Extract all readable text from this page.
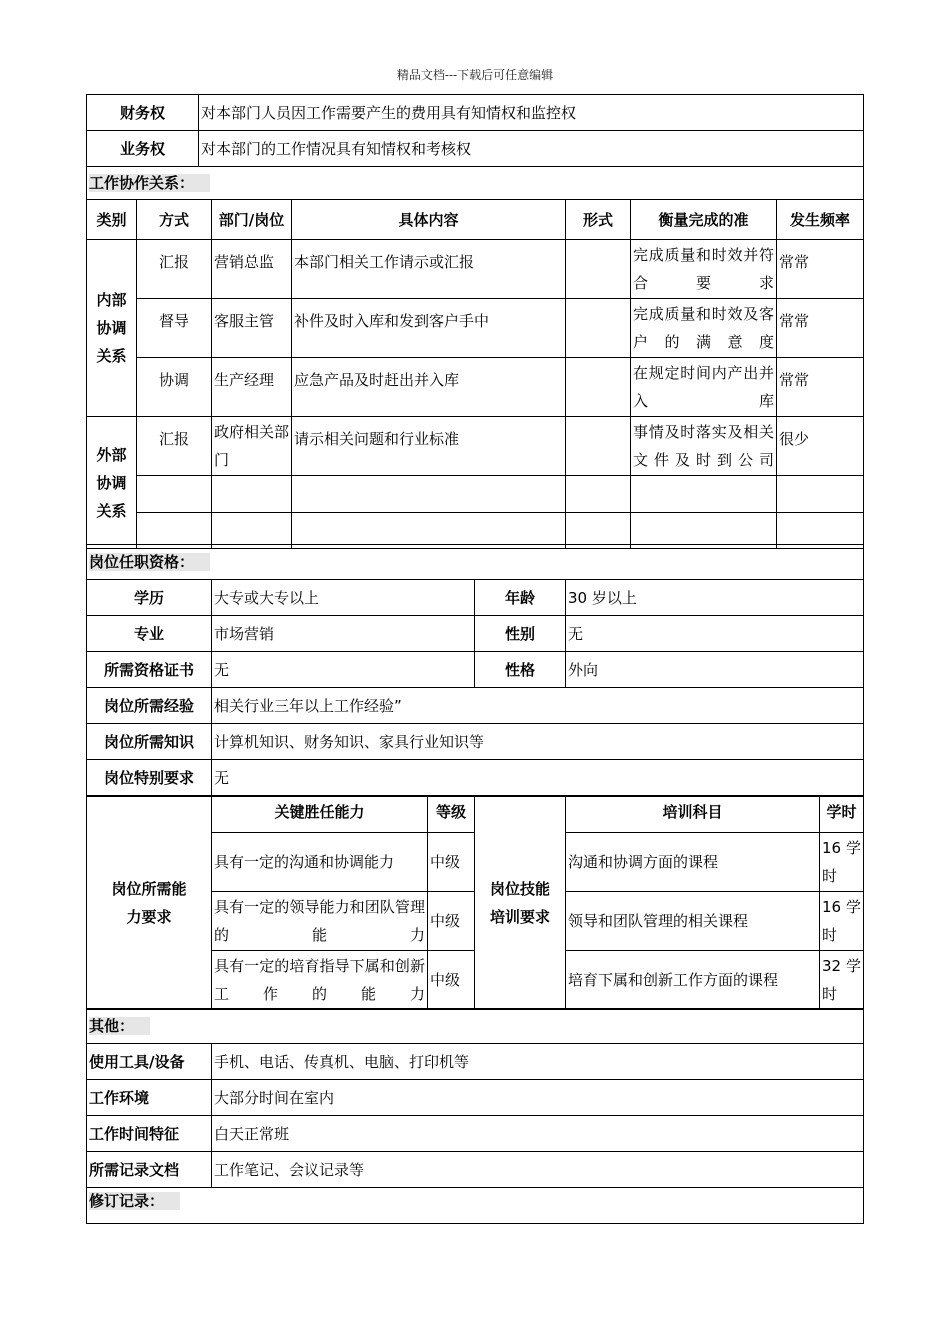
精品文档---下载后可任意编辑
财务权	对本部门人员因工作需要产生的费用具有知情权和监控权
业务权	对本部门的工作情况具有知情权和考核权
工作协作关系：						
类别	方式	部门/岗位	具体内容	形式	衡量完成的准	发生频率
内部协调关系	汇报	营销总监	本部门相关工作请示或汇报		完成质量和时效并符合要求	常常
	督导	客服主管	补件及时入库和发到客户手中		完成质量和时效及客户的满意度	常常
	协调	生产经理	应急产品及时赶出并入库		在规定时间内产出并入库	常常
外部协调关系	汇报	政府相关部门	请示相关问题和行业标准		事情及时落实及相关文件及时到公司	很少

岗位任职资格：			
学历	大专或大专以上	年龄	30 岁以上
专业	市场营销	性别	无
所需资格证书	无	性格	外向
岗位所需经验	相关行业三年以上工作经验”		
岗位所需知识	计算机知识、财务知识、家具行业知识等		
岗位特别要求	无		
岗位所需能力要求	关键胜任能力	等级	岗位技能培训要求	培训科目	学时
	具有一定的沟通和协调能力	中级		沟通和协调方面的课程	16 学时
	具有一定的领导能力和团队管理的能力	中级		领导和团队管理的相关课程	16 学时
	具有一定的培育指导下属和创新工作的能力	中级		培育下属和创新工作方面的课程	32 学时
其他：	
使用工具/设备	手机、电话、传真机、电脑、打印机等
工作环境	大部分时间在室内
工作时间特征	白天正常班
所需记录文档	工作笔记、会议记录等
修订记录：	
